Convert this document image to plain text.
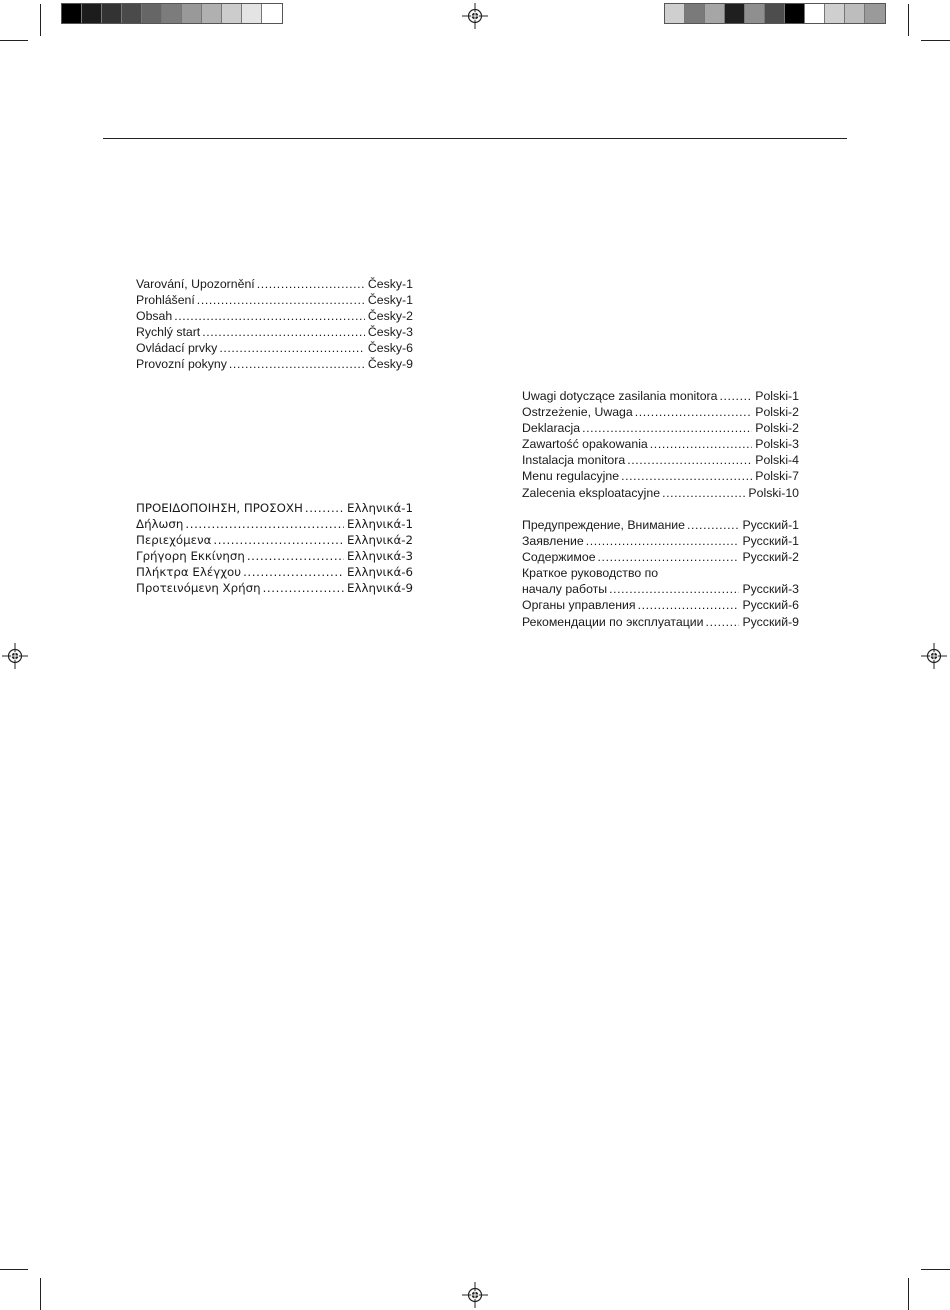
Varování, Upozornění .....	Česky-1
Prohlášení .....	Česky-1
Obsah .....	Česky-2
Rychlý start .....	Česky-3
Ovládací prvky .....	Česky-6
Provozní pokyny .....	Česky-9
ΠΡΟΕΙΔΟΠΟΙΗΣΗ, ΠΡΟΣΟΧΗ .....	Ελληνικά-1
Δήλωση .....	Ελληνικά-1
Περιεχόμενα .....	Ελληνικά-2
Γρήγορη Εκκίνηση .....	Ελληνικά-3
Πλήκτρα Ελέγχου .....	Ελληνικά-6
Προτεινόμενη Χρήση .....	Ελληνικά-9
Uwagi dotyczące zasilania monitora .....	Polski-1
Ostrzeżenie, Uwaga .....	Polski-2
Deklaracja .....	Polski-2
Zawartość opakowania .....	Polski-3
Instalacja monitora .....	Polski-4
Menu regulacyjne .....	Polski-7
Zalecenia eksploatacyjne .....	Polski-10
Предупреждение, Внимание .....	Русский-1
Заявление .....	Русский-1
Содержимое .....	Русский-2
Краткое руководство по
началу работы .....	Русский-3
Органы управления .....	Русский-6
Рекомендации по эксплуатации .....	Русский-9
